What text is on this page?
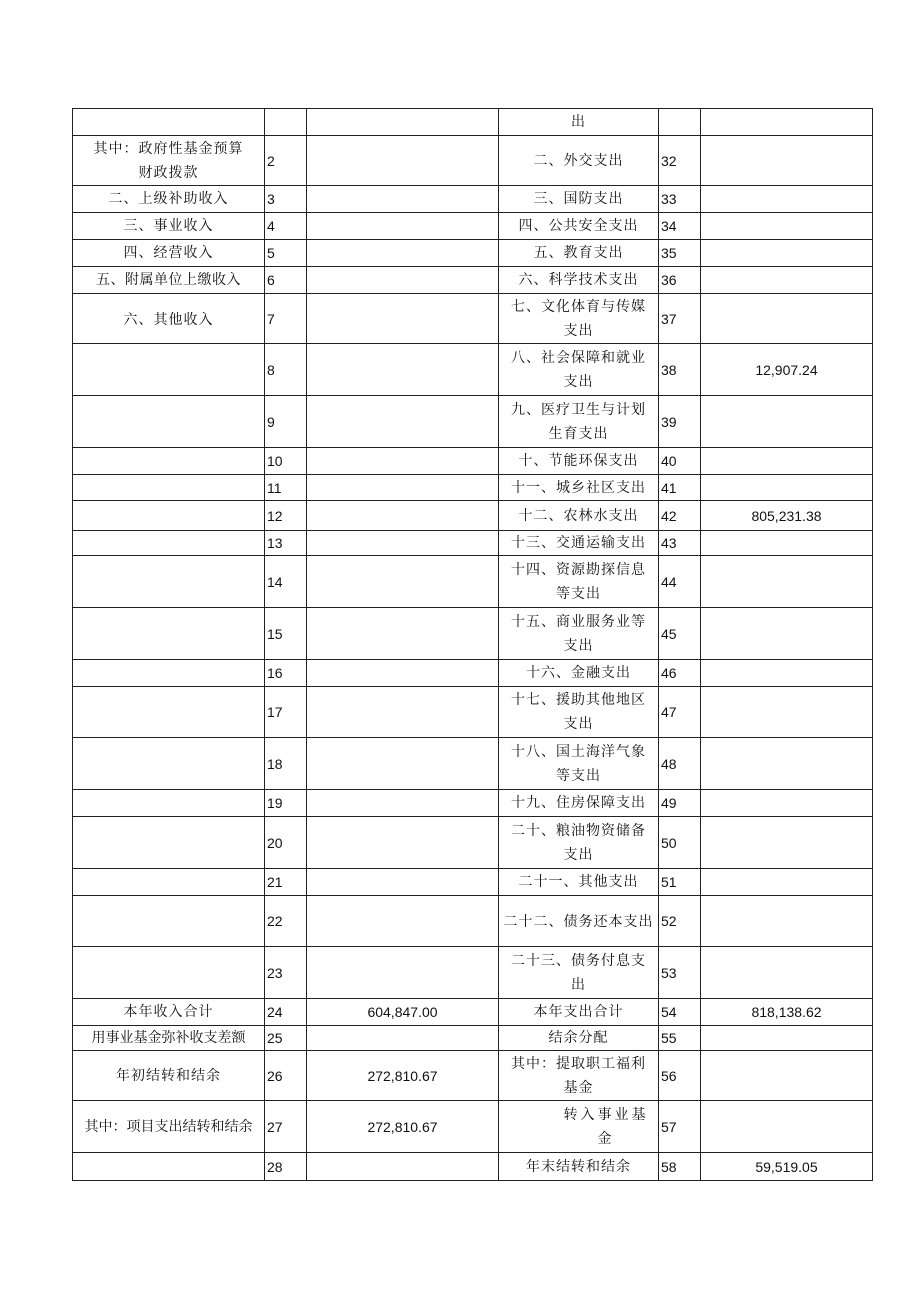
			出		
其中：政府性基金预算财政拨款	2		二、外交支出	32	
二、上级补助收入	3		三、国防支出	33	
三、事业收入	4		四、公共安全支出	34	
四、经营收入	5		五、教育支出	35	
五、附属单位上缴收入	6		六、科学技术支出	36	
六、其他收入	7		七、文化体育与传媒支出	37	
	8		八、社会保障和就业支出	38	12,907.24
	9		九、医疗卫生与计划生育支出	39	
	10		十、节能环保支出	40	
	11		十一、城乡社区支出	41	
	12		十二、农林水支出	42	805,231.38
	13		十三、交通运输支出	43	
	14		十四、资源勘探信息等支出	44	
	15		十五、商业服务业等支出	45	
	16		十六、金融支出	46	
	17		十七、援助其他地区支出	47	
	18		十八、国土海洋气象等支出	48	
	19		十九、住房保障支出	49	
	20		二十、粮油物资储备支出	50	
	21		二十一、其他支出	51	
	22		二十二、债务还本支出	52	
	23		二十三、债务付息支出	53	
本年收入合计	24	604,847.00	本年支出合计	54	818,138.62
用事业基金弥补收支差额	25		结余分配	55	
年初结转和结余	26	272,810.67	其中：提取职工福利基金	56	
其中：项目支出结转和结余	27	272,810.67	转入事业基金	57	
	28		年末结转和结余	58	59,519.05
